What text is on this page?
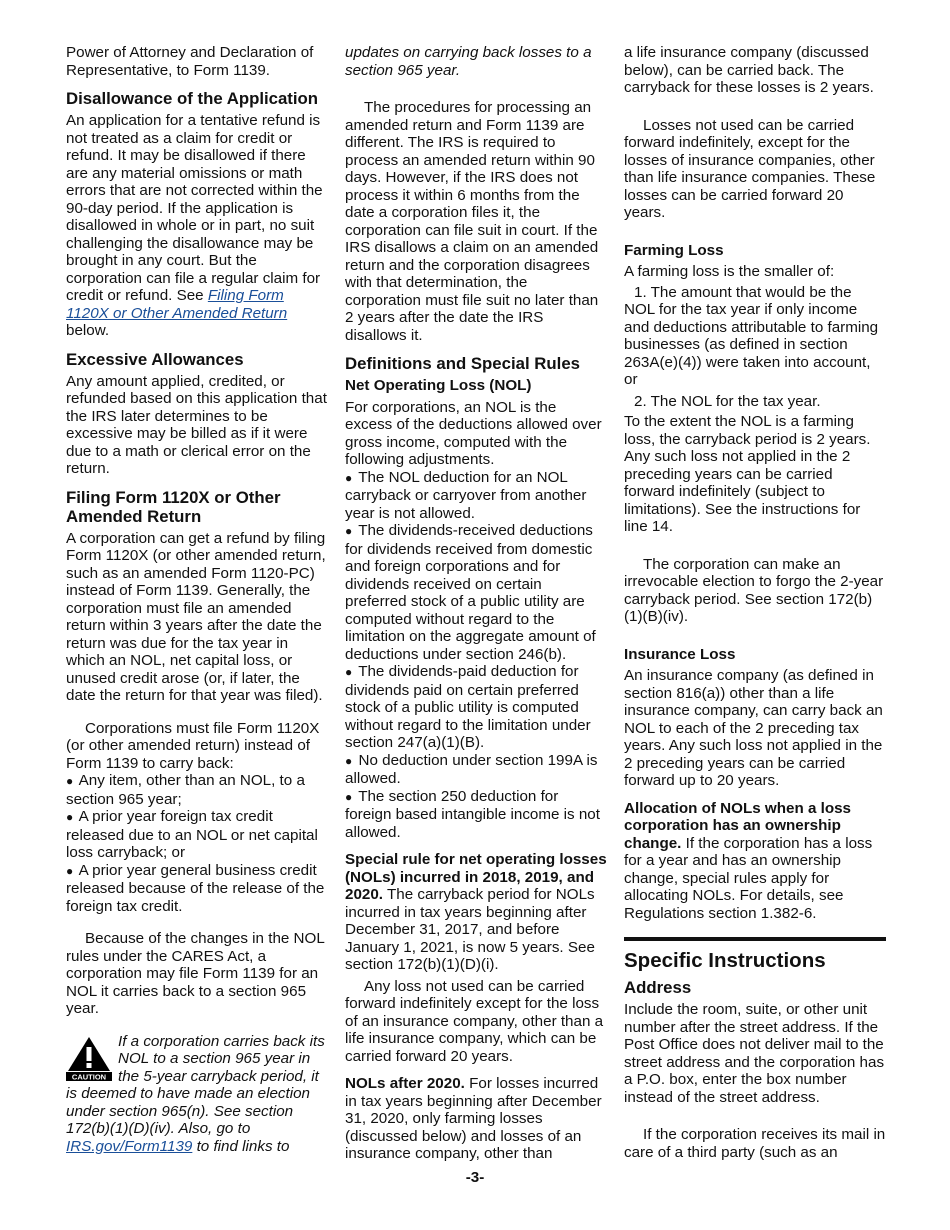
Power of Attorney and Declaration of Representative, to Form 1139.

Disallowance of the Application

An application for a tentative refund is not treated as a claim for credit or refund. It may be disallowed if there are any material omissions or math errors that are not corrected within the 90-day period. If the application is disallowed in whole or in part, no suit challenging the disallowance may be brought in any court. But the corporation can file a regular claim for credit or refund. See Filing Form 1120X or Other Amended Return below.

Excessive Allowances

Any amount applied, credited, or refunded based on this application that the IRS later determines to be excessive may be billed as if it were due to a math or clerical error on the return.

Filing Form 1120X or Other Amended Return

A corporation can get a refund by filing Form 1120X (or other amended return, such as an amended Form 1120-PC) instead of Form 1139. Generally, the corporation must file an amended return within 3 years after the date the return was due for the tax year in which an NOL, net capital loss, or unused credit arose (or, if later, the date the return for that year was filed).

Corporations must file Form 1120X (or other amended return) instead of Form 1139 to carry back:

● Any item, other than an NOL, to a section 965 year;
● A prior year foreign tax credit released due to an NOL or net capital loss carryback; or
● A prior year general business credit released because of the release of the foreign tax credit.

Because of the changes in the NOL rules under the CARES Act, a corporation may file Form 1139 for an NOL it carries back to a section 965 year.

CAUTION
If a corporation carries back its NOL to a section 965 year in the 5-year carryback period, it is deemed to have made an election under section 965(n). See section 172(b)(1)(D)(iv). Also, go to IRS.gov/Form1139 to find links to

updates on carrying back losses to a section 965 year.

The procedures for processing an amended return and Form 1139 are different. The IRS is required to process an amended return within 90 days. However, if the IRS does not process it within 6 months from the date a corporation files it, the corporation can file suit in court. If the IRS disallows a claim on an amended return and the corporation disagrees with that determination, the corporation must file suit no later than 2 years after the date the IRS disallows it.

Definitions and Special Rules
Net Operating Loss (NOL)

For corporations, an NOL is the excess of the deductions allowed over gross income, computed with the following adjustments.

● The NOL deduction for an NOL carryback or carryover from another year is not allowed.
● The dividends-received deductions for dividends received from domestic and foreign corporations and for dividends received on certain preferred stock of a public utility are computed without regard to the limitation on the aggregate amount of deductions under section 246(b).
● The dividends-paid deduction for dividends paid on certain preferred stock of a public utility is computed without regard to the limitation under section 247(a)(1)(B).
● No deduction under section 199A is allowed.
● The section 250 deduction for foreign based intangible income is not allowed.

Special rule for net operating losses (NOLs) incurred in 2018, 2019, and 2020. The carryback period for NOLs incurred in tax years beginning after December 31, 2017, and before January 1, 2021, is now 5 years. See section 172(b)(1)(D)(i).

Any loss not used can be carried forward indefinitely except for the loss of an insurance company, other than a life insurance company, which can be carried forward 20 years.

NOLs after 2020. For losses incurred in tax years beginning after December 31, 2020, only farming losses (discussed below) and losses of an insurance company, other than

a life insurance company (discussed below), can be carried back. The carryback for these losses is 2 years.

Losses not used can be carried forward indefinitely, except for the losses of insurance companies, other than life insurance companies. These losses can be carried forward 20 years.

Farming Loss

A farming loss is the smaller of:

1. The amount that would be the NOL for the tax year if only income and deductions attributable to farming businesses (as defined in section 263A(e)(4)) were taken into account, or

2. The NOL for the tax year.

To the extent the NOL is a farming loss, the carryback period is 2 years. Any such loss not applied in the 2 preceding years can be carried forward indefinitely (subject to limitations). See the instructions for line 14.

The corporation can make an irrevocable election to forgo the 2-year carryback period. See section 172(b)(1)(B)(iv).

Insurance Loss

An insurance company (as defined in section 816(a)) other than a life insurance company, can carry back an NOL to each of the 2 preceding tax years. Any such loss not applied in the 2 preceding years can be carried forward up to 20 years.

Allocation of NOLs when a loss corporation has an ownership change. If the corporation has a loss for a year and has an ownership change, special rules apply for allocating NOLs. For details, see Regulations section 1.382-6.

Specific Instructions
Address

Include the room, suite, or other unit number after the street address. If the Post Office does not deliver mail to the street address and the corporation has a P.O. box, enter the box number instead of the street address.

If the corporation receives its mail in care of a third party (such as an

-3-
